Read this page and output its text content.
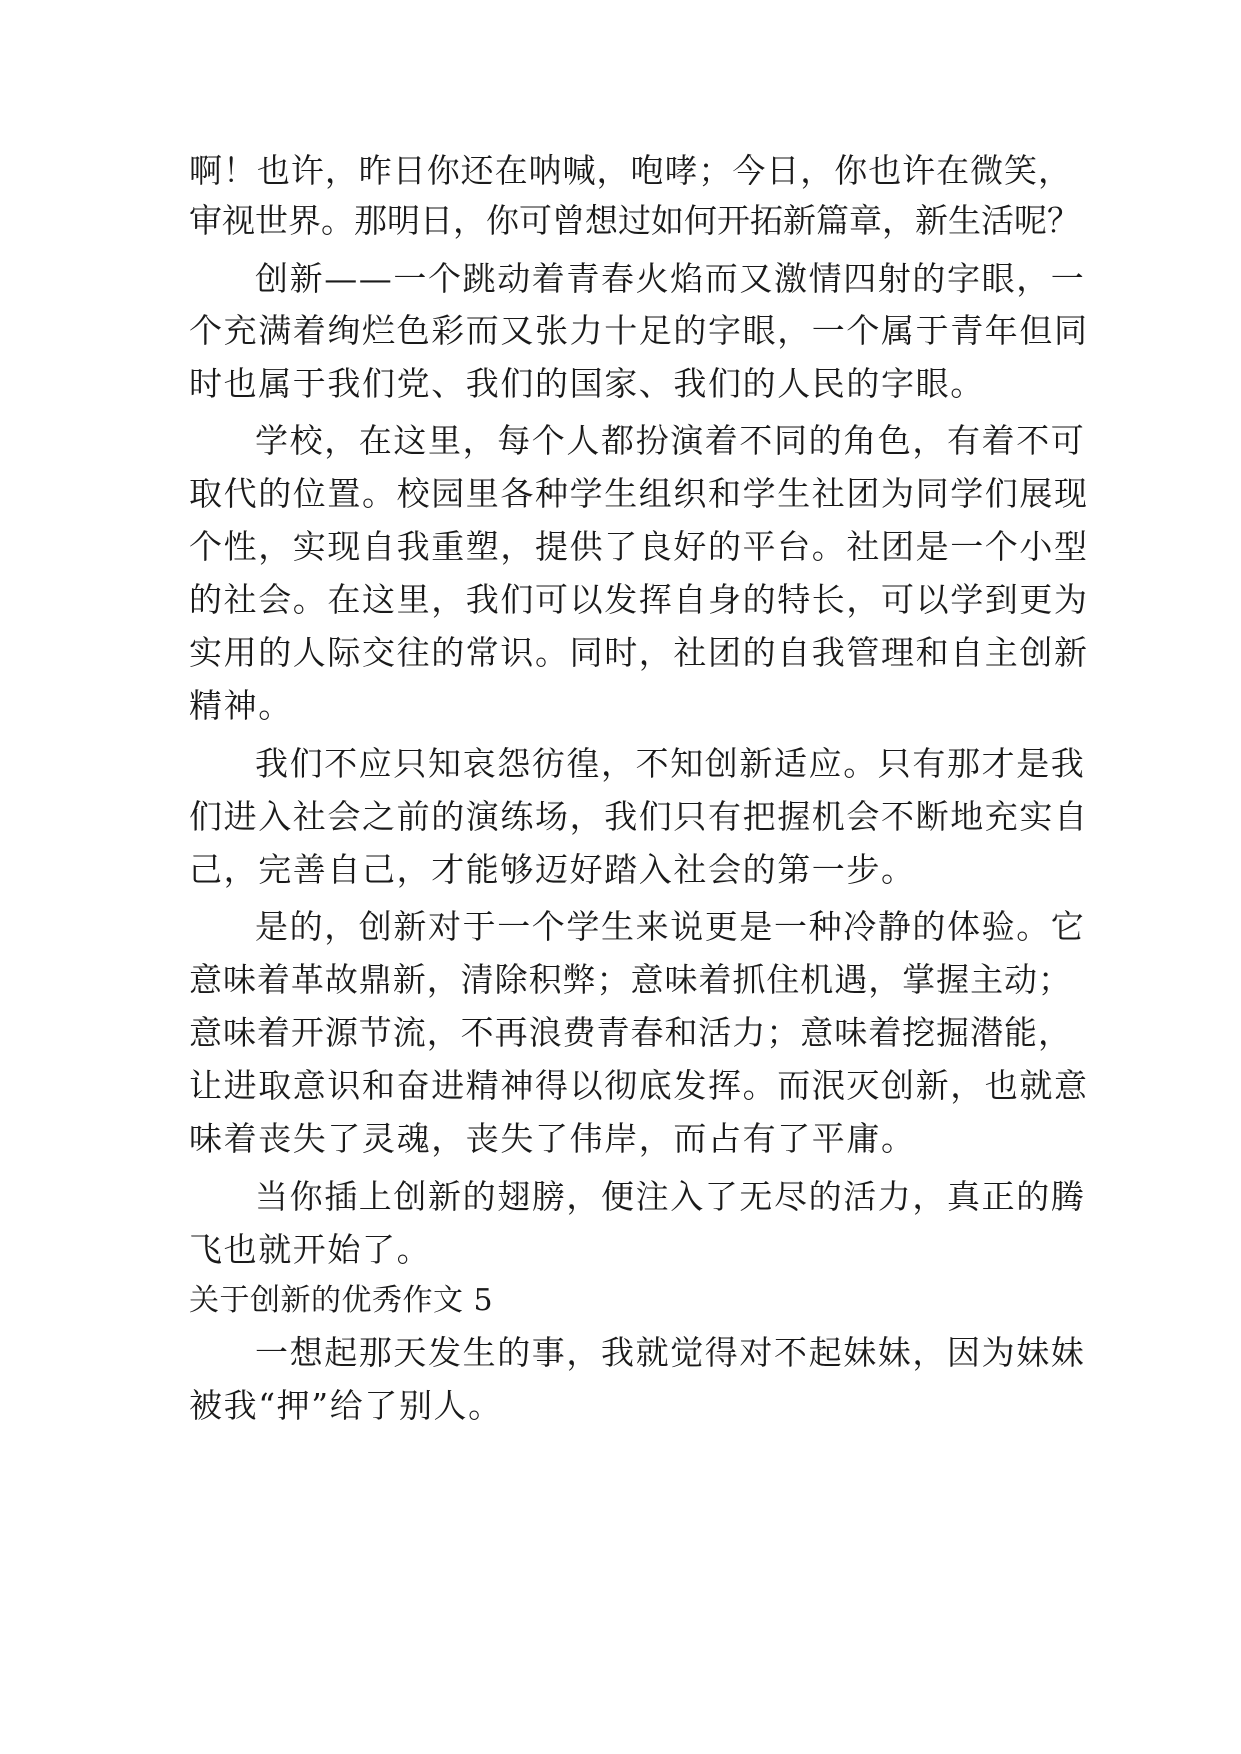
啊！也许，昨日你还在呐喊，咆哮；今日，你也许在微笑，
审视世界。那明日，你可曾想过如何开拓新篇章，新生活呢？
创新——一个跳动着青春火焰而又激情四射的字眼，一
个充满着绚烂色彩而又张力十足的字眼，一个属于青年但同
时也属于我们党、我们的国家、我们的人民的字眼。
学校，在这里，每个人都扮演着不同的角色，有着不可
取代的位置。校园里各种学生组织和学生社团为同学们展现
个性，实现自我重塑，提供了良好的平台。社团是一个小型
的社会。在这里，我们可以发挥自身的特长，可以学到更为
实用的人际交往的常识。同时，社团的自我管理和自主创新
精神。
我们不应只知哀怨彷徨，不知创新适应。只有那才是我
们进入社会之前的演练场，我们只有把握机会不断地充实自
己，完善自己，才能够迈好踏入社会的第一步。
是的，创新对于一个学生来说更是一种冷静的体验。它
意味着革故鼎新，清除积弊；意味着抓住机遇，掌握主动；
意味着开源节流，不再浪费青春和活力；意味着挖掘潜能，
让进取意识和奋进精神得以彻底发挥。而泯灭创新，也就意
味着丧失了灵魂，丧失了伟岸，而占有了平庸。
当你插上创新的翅膀，便注入了无尽的活力，真正的腾
飞也就开始了。
关于创新的优秀作文 5
一想起那天发生的事，我就觉得对不起妹妹，因为妹妹
被我“押”给了别人。
